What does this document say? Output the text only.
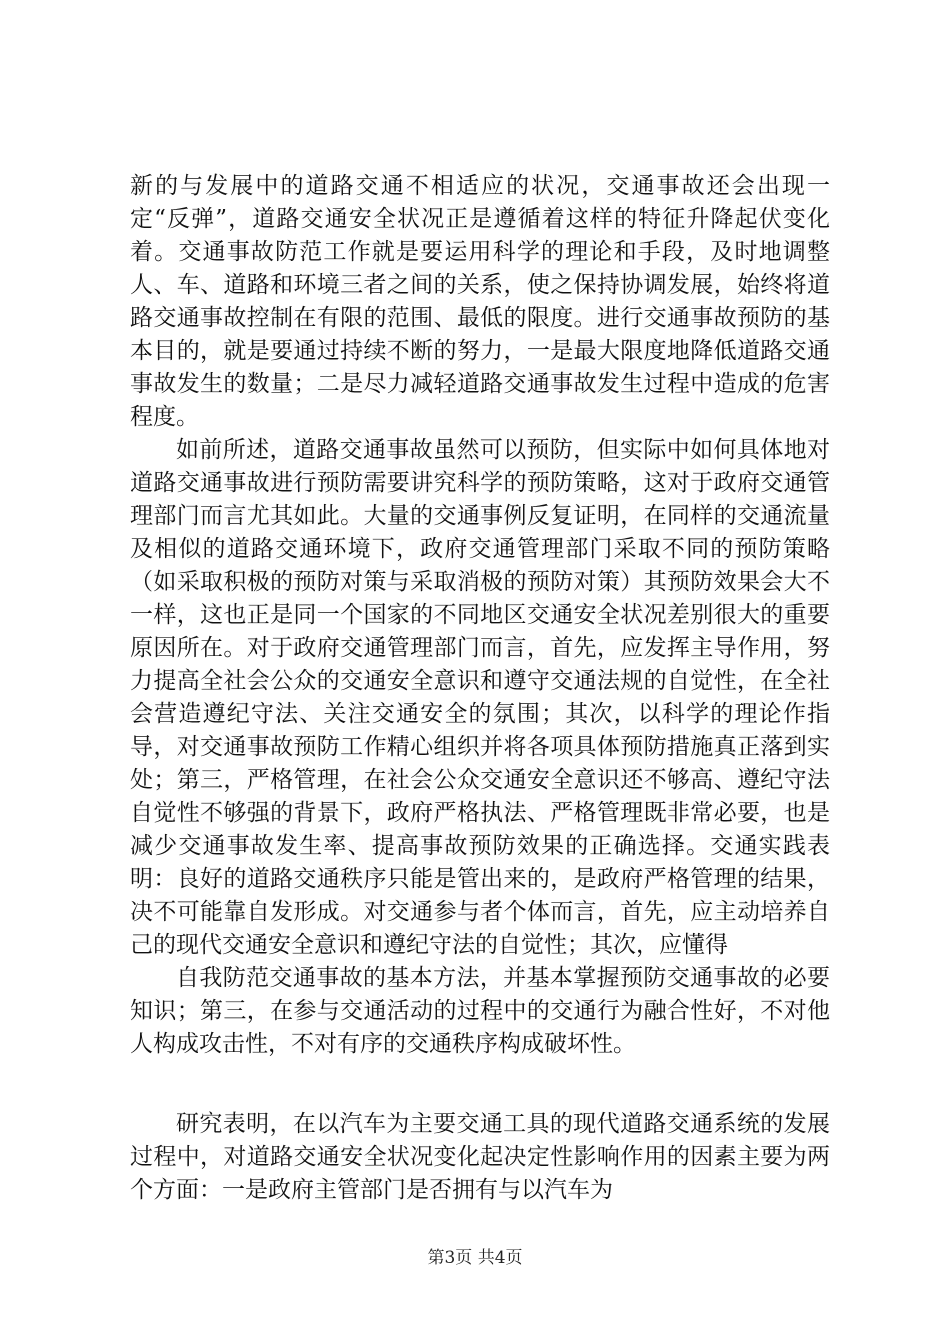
新的与发展中的道路交通不相适应的状况，交通事故还会出现一定“反弹”，道路交通安全状况正是遵循着这样的特征升降起伏变化着。交通事故防范工作就是要运用科学的理论和手段，及时地调整人、车、道路和环境三者之间的关系，使之保持协调发展，始终将道路交通事故控制在有限的范围、最低的限度。进行交通事故预防的基本目的，就是要通过持续不断的努力，一是最大限度地降低道路交通事故发生的数量；二是尽力减轻道路交通事故发生过程中造成的危害程度。

如前所述，道路交通事故虽然可以预防，但实际中如何具体地对道路交通事故进行预防需要讲究科学的预防策略，这对于政府交通管理部门而言尤其如此。大量的交通事例反复证明，在同样的交通流量及相似的道路交通环境下，政府交通管理部门采取不同的预防策略（如采取积极的预防对策与采取消极的预防对策）其预防效果会大不一样，这也正是同一个国家的不同地区交通安全状况差别很大的重要原因所在。对于政府交通管理部门而言，首先，应发挥主导作用，努力提高全社会公众的交通安全意识和遵守交通法规的自觉性，在全社会营造遵纪守法、关注交通安全的氛围；其次，以科学的理论作指导，对交通事故预防工作精心组织并将各项具体预防措施真正落到实处；第三，严格管理，在社会公众交通安全意识还不够高、遵纪守法自觉性不够强的背景下，政府严格执法、严格管理既非常必要，也是减少交通事故发生率、提高事故预防效果的正确选择。交通实践表明：良好的道路交通秩序只能是管出来的，是政府严格管理的结果，决不可能靠自发形成。对交通参与者个体而言，首先，应主动培养自己的现代交通安全意识和遵纪守法的自觉性；其次，应懂得

自我防范交通事故的基本方法，并基本掌握预防交通事故的必要知识；第三，在参与交通活动的过程中的交通行为融合性好，不对他人构成攻击性，不对有序的交通秩序构成破坏性。

研究表明，在以汽车为主要交通工具的现代道路交通系统的发展过程中，对道路交通安全状况变化起决定性影响作用的因素主要为两个方面：一是政府主管部门是否拥有与以汽车为

第3页 共4页
